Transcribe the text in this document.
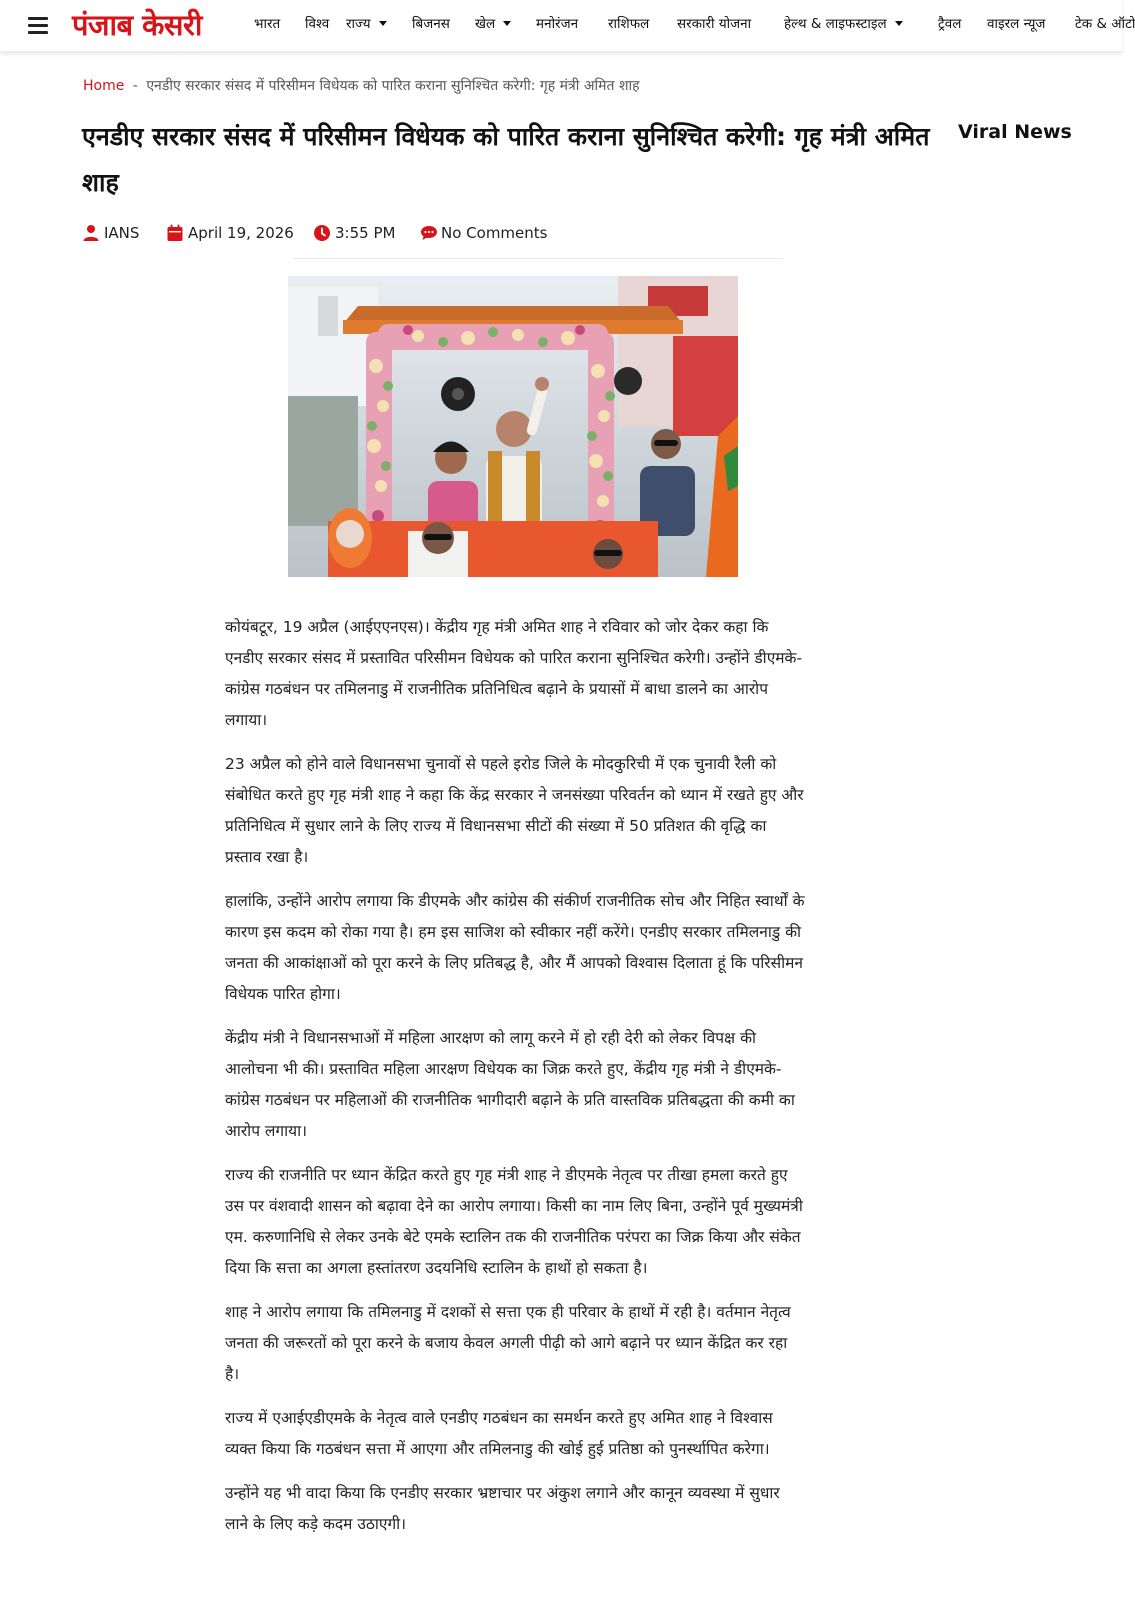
पंजाब केसरी	भारत विश्व राज्य	बिजनस खेल	मनोरंजन राशिफल सरकारी योजना हेल्थ & लाइफस्टाइल	ट्रैवल वाइरल न्यूज टेक & ऑटो
Home - एनडीए सरकार संसद में परिसीमन विधेयक को पारित कराना सुनिश्चित करेगी: गृह मंत्री अमित शाह
एनडीए सरकार संसद में परिसीमन विधेयक को पारित कराना सुनिश्चित करेगी: गृह मंत्री अमित शाह
Viral News
IANS	April 19, 2026	3:55 PM	No Comments

कोयंबटूर, 19 अप्रैल (आईएएनएस)। केंद्रीय गृह मंत्री अमित शाह ने रविवार को जोर देकर कहा कि एनडीए सरकार संसद में प्रस्तावित परिसीमन विधेयक को पारित कराना सुनिश्चित करेगी। उन्होंने डीएमके-कांग्रेस गठबंधन पर तमिलनाडु में राजनीतिक प्रतिनिधित्व बढ़ाने के प्रयासों में बाधा डालने का आरोप लगाया।

23 अप्रैल को होने वाले विधानसभा चुनावों से पहले इरोड जिले के मोदकुरिची में एक चुनावी रैली को संबोधित करते हुए गृह मंत्री शाह ने कहा कि केंद्र सरकार ने जनसंख्या परिवर्तन को ध्यान में रखते हुए और प्रतिनिधित्व में सुधार लाने के लिए राज्य में विधानसभा सीटों की संख्या में 50 प्रतिशत की वृद्धि का प्रस्ताव रखा है।

हालांकि, उन्होंने आरोप लगाया कि डीएमके और कांग्रेस की संकीर्ण राजनीतिक सोच और निहित स्वार्थों के कारण इस कदम को रोका गया है। हम इस साजिश को स्वीकार नहीं करेंगे। एनडीए सरकार तमिलनाडु की जनता की आकांक्षाओं को पूरा करने के लिए प्रतिबद्ध है, और मैं आपको विश्वास दिलाता हूं कि परिसीमन विधेयक पारित होगा।

केंद्रीय मंत्री ने विधानसभाओं में महिला आरक्षण को लागू करने में हो रही देरी को लेकर विपक्ष की आलोचना भी की। प्रस्तावित महिला आरक्षण विधेयक का जिक्र करते हुए, केंद्रीय गृह मंत्री ने डीएमके-कांग्रेस गठबंधन पर महिलाओं की राजनीतिक भागीदारी बढ़ाने के प्रति वास्तविक प्रतिबद्धता की कमी का आरोप लगाया।

राज्य की राजनीति पर ध्यान केंद्रित करते हुए गृह मंत्री शाह ने डीएमके नेतृत्व पर तीखा हमला करते हुए उस पर वंशवादी शासन को बढ़ावा देने का आरोप लगाया। किसी का नाम लिए बिना, उन्होंने पूर्व मुख्यमंत्री एम. करुणानिधि से लेकर उनके बेटे एमके स्टालिन तक की राजनीतिक परंपरा का जिक्र किया और संकेत दिया कि सत्ता का अगला हस्तांतरण उदयनिधि स्टालिन के हाथों हो सकता है।

शाह ने आरोप लगाया कि तमिलनाडु में दशकों से सत्ता एक ही परिवार के हाथों में रही है। वर्तमान नेतृत्व जनता की जरूरतों को पूरा करने के बजाय केवल अगली पीढ़ी को आगे बढ़ाने पर ध्यान केंद्रित कर रहा है।

राज्य में एआईएडीएमके के नेतृत्व वाले एनडीए गठबंधन का समर्थन करते हुए अमित शाह ने विश्वास व्यक्त किया कि गठबंधन सत्ता में आएगा और तमिलनाडु की खोई हुई प्रतिष्ठा को पुनर्स्थापित करेगा।

उन्होंने यह भी वादा किया कि एनडीए सरकार भ्रष्टाचार पर अंकुश लगाने और कानून व्यवस्था में सुधार लाने के लिए कड़े कदम उठाएगी।
